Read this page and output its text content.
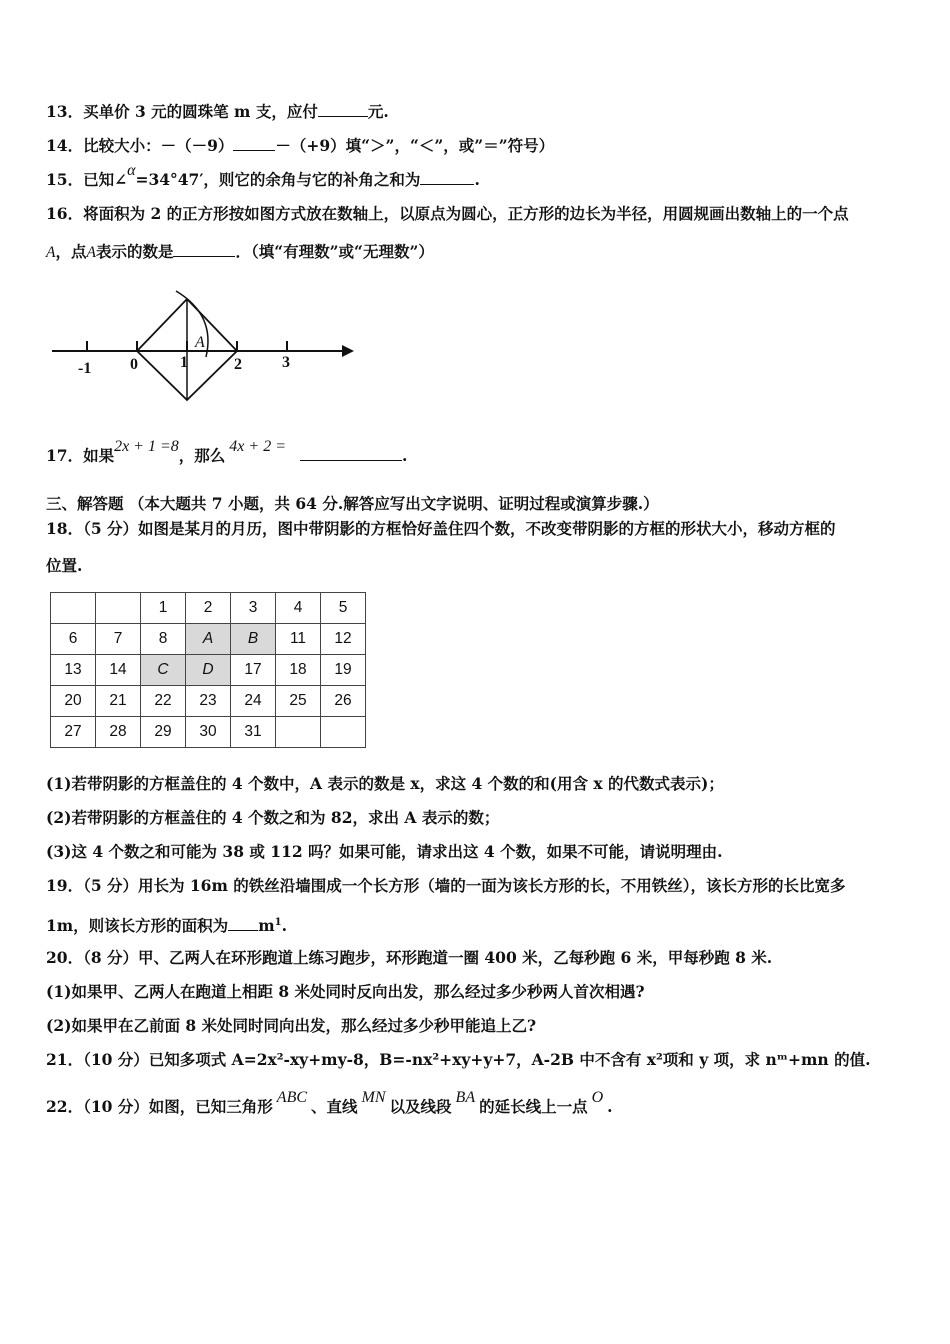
13．买单价 3 元的圆珠笔 m 支，应付	元.
14．比较大小：－（－9）	－（+9）填“＞”，“＜”，或”＝”符号）
15．已知∠α=34°47′，则它的余角与它的补角之和为	.
16．将面积为 2 的正方形按如图方式放在数轴上，以原点为圆心，正方形的边长为半径，用圆规画出数轴上的一个点
A，点A表示的数是	．（填“有理数”或“无理数”）
-1 0	1	2	3
A
17．如果2x + 1 =8，那么 4x + 2 =	.
三、解答题 （本大题共 7 小题，共 64 分.解答应写出文字说明、证明过程或演算步骤.）
18．（5 分）如图是某月的月历，图中带阴影的方框恰好盖住四个数，不改变带阴影的方框的形状大小，移动方框的
位置.
		1	2	3	4	5
6	7	8	A	B	11	12
13	14	C	D	17	18	19
20	21	22	23	24	25	26
27	28	29	30	31		
(1)若带阴影的方框盖住的 4 个数中，A 表示的数是 x，求这 4 个数的和(用含 x 的代数式表示)；
(2)若带阴影的方框盖住的 4 个数之和为 82，求出 A 表示的数；
(3)这 4 个数之和可能为 38 或 112 吗？如果可能，请求出这 4 个数，如果不可能，请说明理由.
19．（5 分）用长为 16m 的铁丝沿墙围成一个长方形（墙的一面为该长方形的长，不用铁丝），该长方形的长比宽多
1m，则该长方形的面积为 $m^1$.
20．（8 分）甲、乙两人在环形跑道上练习跑步，环形跑道一圈 400 米，乙每秒跑 6 米，甲每秒跑 8 米.
(1)如果甲、乙两人在跑道上相距 8 米处同时反向出发，那么经过多少秒两人首次相遇?
(2)如果甲在乙前面 8 米处同时同向出发，那么经过多少秒甲能追上乙?
21．（10 分）已知多项式 A=2x²-xy+my-8，B=-nx²+xy+y+7，A-2B 中不含有 x²项和 y 项，求 nᵐ+mn 的值.
22．（10 分）如图，已知三角形 ABC 、直线 MN 以及线段 BA 的延长线上一点 O .
